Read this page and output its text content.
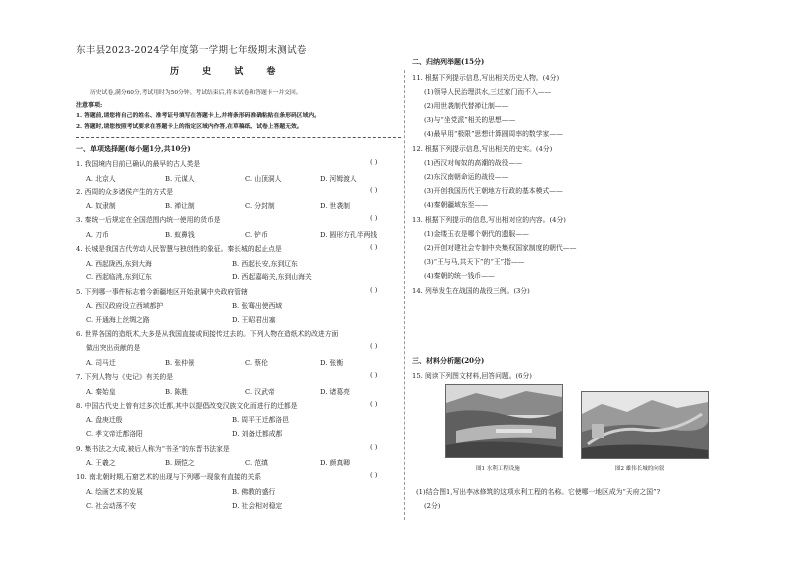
东丰县2023-2024学年度第一学期七年级期末测试卷
历 史 试 卷
历史试卷,满分60分,考试用时为50分钟。考试结束后,将本试卷和答题卡一并交回。
注意事项:
1. 答题前,请您将自己的姓名、准考证号填写在答题卡上,并将条形码准确粘贴在条形码区域内。
2. 答题时,请您按照考试要求在答题卡上的指定区域内作答,在草稿纸、试卷上答题无效。
一、单项选择题(每小题1分,共10分)
1. 我国境内目前已确认的最早的古人类是	( )
A. 北京人	B. 元谋人	C. 山顶洞人	D. 河姆渡人
2. 西周的众多诸侯产生的方式是	( )
A. 奴隶制	B. 禅让制	C. 分封制	D. 世袭制
3. 秦统一后规定在全国范围内统一使用的货币是	( )
A. 刀币	B. 蚁鼻钱	C. 铲币	D. 圆形方孔半两钱
4. 长城是我国古代劳动人民智慧与独创性的象征。秦长城的起止点是	( )
A. 西起陇西,东到大海	B. 西起长安,东到辽东
C. 西起临洮,东到辽东	D. 西起嘉峪关,东到山海关
5. 下列哪一事件标志着今新疆地区开始隶属中央政府管辖	( )
A. 西汉政府设立西域都护	B. 张骞出使西域
C. 开通海上丝绸之路	D. 王昭君出塞
6. 世界各国的造纸术,大多是从我国直接或间接传过去的。下列人物在造纸术的改进方面
做出突出贡献的是	( )
A. 司马迁	B. 张仲景	C. 蔡伦	D. 张衡
7. 下列人物与《史记》有关的是	( )
A. 秦始皇	B. 陈胜	C. 汉武帝	D. 诸葛亮
8. 中国古代史上曾有过多次迁都,其中以提倡改变汉族文化而进行的迁都是	( )
A. 盘庚迁殷	B. 周平王迁都洛邑
C. 孝文帝迁都洛阳	D. 刘备迁都成都
9. 集书法之大成,被后人称为“书圣”的东晋书法家是	( )
A. 王羲之	B. 顾恺之	C. 范缜	D. 颜真卿
10. 南北朝时期,石窟艺术的出现与下列哪一现象有直接的关系	( )
A. 绘画艺术的发展	B. 佛教的盛行
C. 社会动荡不安	D. 社会相对稳定
二、归纳列举题(15分)
11. 根据下列提示信息,写出相关历史人物。(4分)
(1)领导人民治理洪水,三过家门而不入——
(2)用世袭制代替禅让制——
(3)与“坐党派”相关的思想——
(4)最早用“极限”思想计算圆周率的数学家——
12. 根据下列提示信息,写出相关的史实。(4分)
(1)西汉对匈奴的高潮的战役——
(2)东汉南朝命运的战役——
(3)开创我国历代王朝地方行政的基本模式——
(4)秦朝疆域东至——
13. 根据下列提示的信息,写出相对应的内容。(4分)
(1)金缕玉衣是哪个朝代的遗服——
(2)开创对建社会专制中央集权国家制度的朝代——
(3)“王与马,共天下”的“王”指——
(4)秦朝的统一钱币——
14. 列举发生在战国的战役三例。(3分)
三、材料分析题(20分)
15. 阅读下列图文材料,回答问题。(6分)
图1 水利工程设施	图2 雄伟长城的向叙
(1)结合图1,写出李冰修筑的这项水利工程的名称。它使哪一地区成为“天府之国”?
(2分)
